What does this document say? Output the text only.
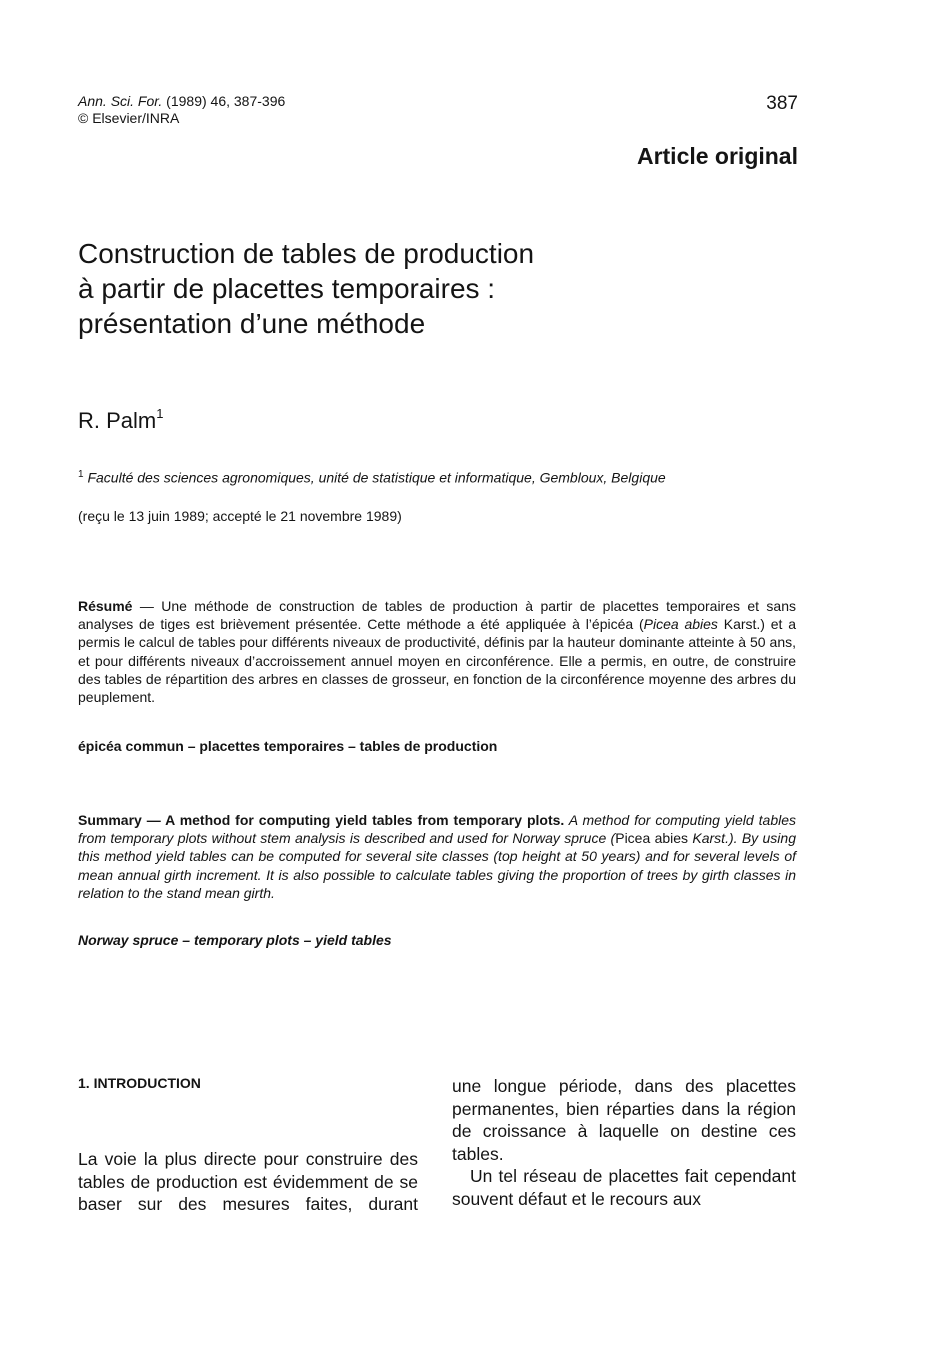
Ann. Sci. For. (1989) 46, 387-396
© Elsevier/INRA
387
Article original
Construction de tables de production
à partir de placettes temporaires :
présentation d’une méthode
R. Palm$^1$
$^1$ Faculté des sciences agronomiques, unité de statistique et informatique, Gembloux, Belgique
(reçu le 13 juin 1989; accepté le 21 novembre 1989)
Résumé — Une méthode de construction de tables de production à partir de placettes temporaires et sans analyses de tiges est brièvement présentée. Cette méthode a été appliquée à l’épicéa (Picea abies Karst.) et a permis le calcul de tables pour différents niveaux de productivité, définis par la hauteur dominante atteinte à 50 ans, et pour différents niveaux d’accroissement annuel moyen en circonférence. Elle a permis, en outre, de construire des tables de répartition des arbres en classes de grosseur, en fonction de la circonférence moyenne des arbres du peuplement.
épicéa commun – placettes temporaires – tables de production
Summary — A method for computing yield tables from temporary plots. A method for computing yield tables from temporary plots without stem analysis is described and used for Norway spruce (Picea abies Karst.). By using this method yield tables can be computed for several site classes (top height at 50 years) and for several levels of mean annual girth increment. It is also possible to calculate tables giving the proportion of trees by girth classes in relation to the stand mean girth.
Norway spruce – temporary plots – yield tables
1. INTRODUCTION
La voie la plus directe pour construire des tables de production est évidemment de se baser sur des mesures faites, durant

une longue période, dans des placettes permanentes, bien réparties dans la région de croissance à laquelle on destine ces tables.

Un tel réseau de placettes fait cependant souvent défaut et le recours aux
